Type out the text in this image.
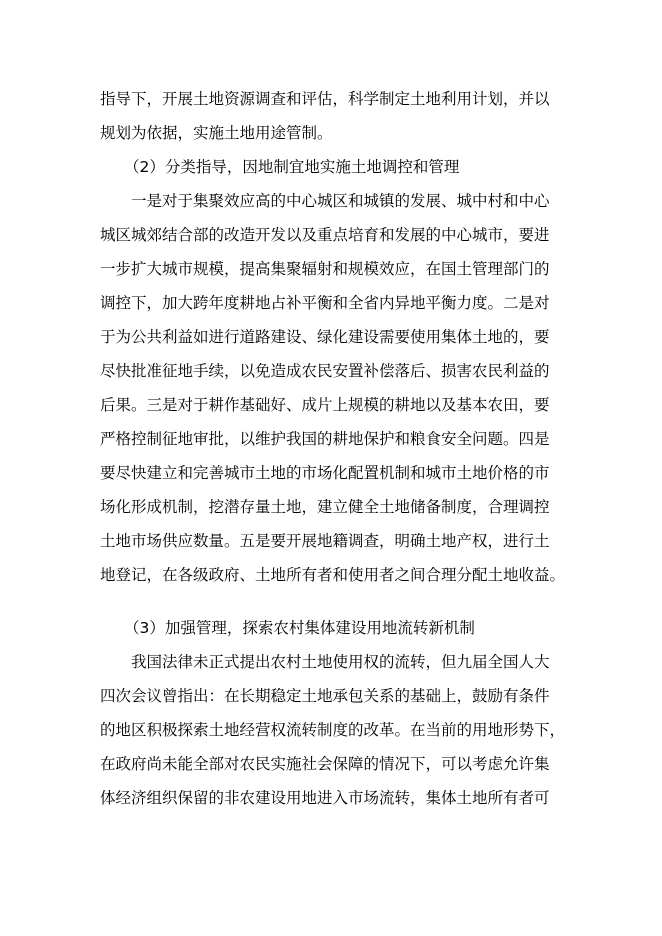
指导下，开展土地资源调查和评估，科学制定土地利用计划，并以
规划为依据，实施土地用途管制。
（2）分类指导，因地制宜地实施土地调控和管理
一是对于集聚效应高的中心城区和城镇的发展、城中村和中心
城区城郊结合部的改造开发以及重点培育和发展的中心城市，要进
一步扩大城市规模，提高集聚辐射和规模效应，在国土管理部门的
调控下，加大跨年度耕地占补平衡和全省内异地平衡力度。二是对
于为公共利益如进行道路建设、绿化建设需要使用集体土地的，要
尽快批准征地手续，以免造成农民安置补偿落后、损害农民利益的
后果。三是对于耕作基础好、成片上规模的耕地以及基本农田，要
严格控制征地审批，以维护我国的耕地保护和粮食安全问题。四是
要尽快建立和完善城市土地的市场化配置机制和城市土地价格的市
场化形成机制，挖潜存量土地，建立健全土地储备制度，合理调控
土地市场供应数量。五是要开展地籍调查，明确土地产权，进行土
地登记，在各级政府、土地所有者和使用者之间合理分配土地收益。
（3）加强管理，探索农村集体建设用地流转新机制
我国法律未正式提出农村土地使用权的流转，但九届全国人大
四次会议曾指出：在长期稳定土地承包关系的基础上，鼓励有条件
的地区积极探索土地经营权流转制度的改革。在当前的用地形势下，
在政府尚未能全部对农民实施社会保障的情况下，可以考虑允许集
体经济组织保留的非农建设用地进入市场流转，集体土地所有者可
